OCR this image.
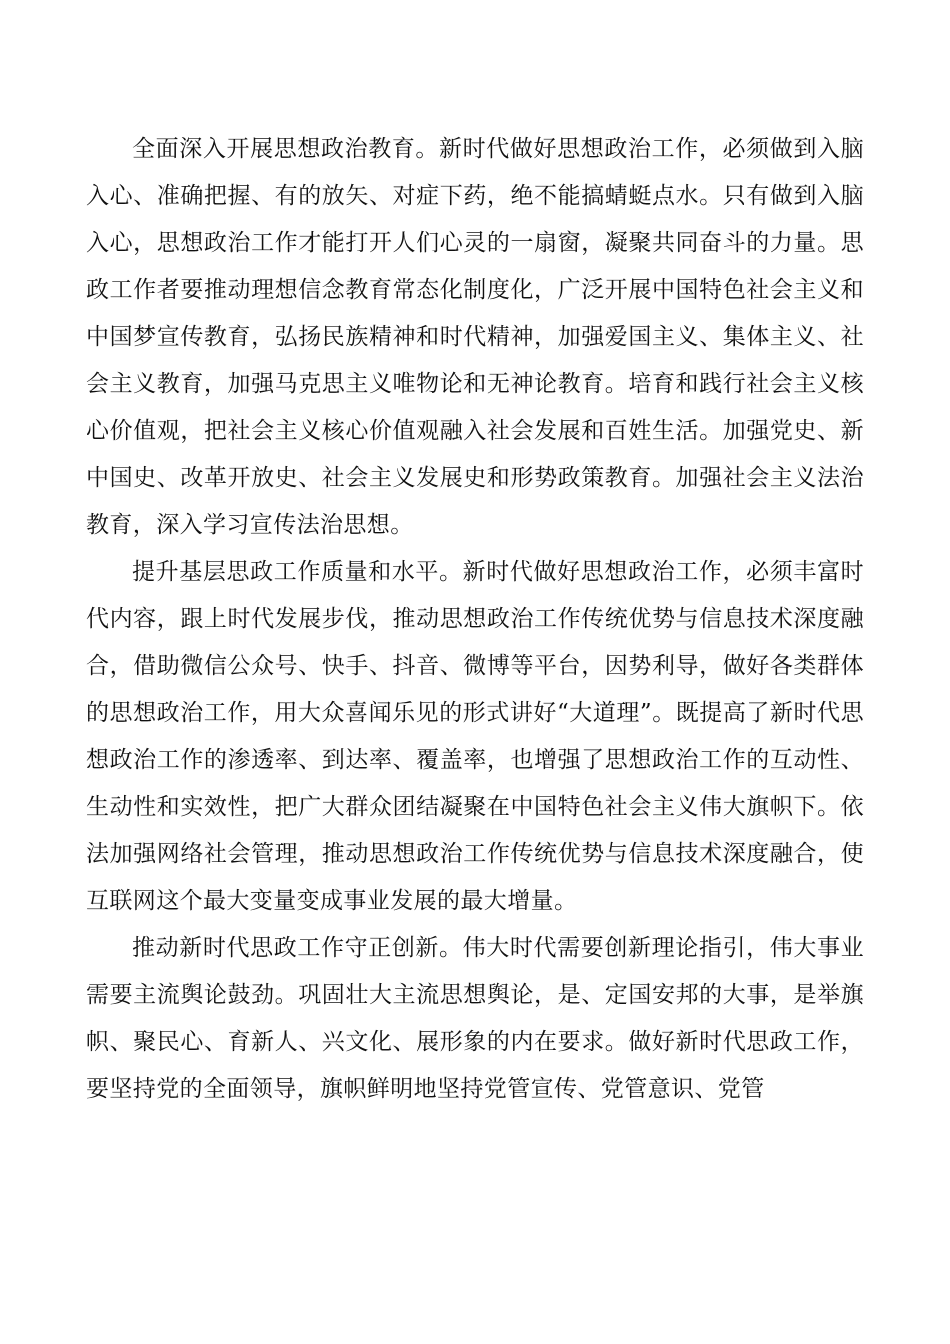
全面深入开展思想政治教育。新时代做好思想政治工作，必须做到入脑入心、准确把握、有的放矢、对症下药，绝不能搞蜻蜓点水。只有做到入脑入心，思想政治工作才能打开人们心灵的一扇窗，凝聚共同奋斗的力量。思政工作者要推动理想信念教育常态化制度化，广泛开展中国特色社会主义和中国梦宣传教育，弘扬民族精神和时代精神，加强爱国主义、集体主义、社会主义教育，加强马克思主义唯物论和无神论教育。培育和践行社会主义核心价值观，把社会主义核心价值观融入社会发展和百姓生活。加强党史、新中国史、改革开放史、社会主义发展史和形势政策教育。加强社会主义法治教育，深入学习宣传法治思想。

提升基层思政工作质量和水平。新时代做好思想政治工作，必须丰富时代内容，跟上时代发展步伐，推动思想政治工作传统优势与信息技术深度融合，借助微信公众号、快手、抖音、微博等平台，因势利导，做好各类群体的思想政治工作，用大众喜闻乐见的形式讲好“大道理”。既提高了新时代思想政治工作的渗透率、到达率、覆盖率，也增强了思想政治工作的互动性、生动性和实效性，把广大群众团结凝聚在中国特色社会主义伟大旗帜下。依法加强网络社会管理，推动思想政治工作传统优势与信息技术深度融合，使互联网这个最大变量变成事业发展的最大增量。

推动新时代思政工作守正创新。伟大时代需要创新理论指引，伟大事业需要主流舆论鼓劲。巩固壮大主流思想舆论，是、定国安邦的大事，是举旗帜、聚民心、育新人、兴文化、展形象的内在要求。做好新时代思政工作，要坚持党的全面领导，旗帜鲜明地坚持党管宣传、党管意识、党管
